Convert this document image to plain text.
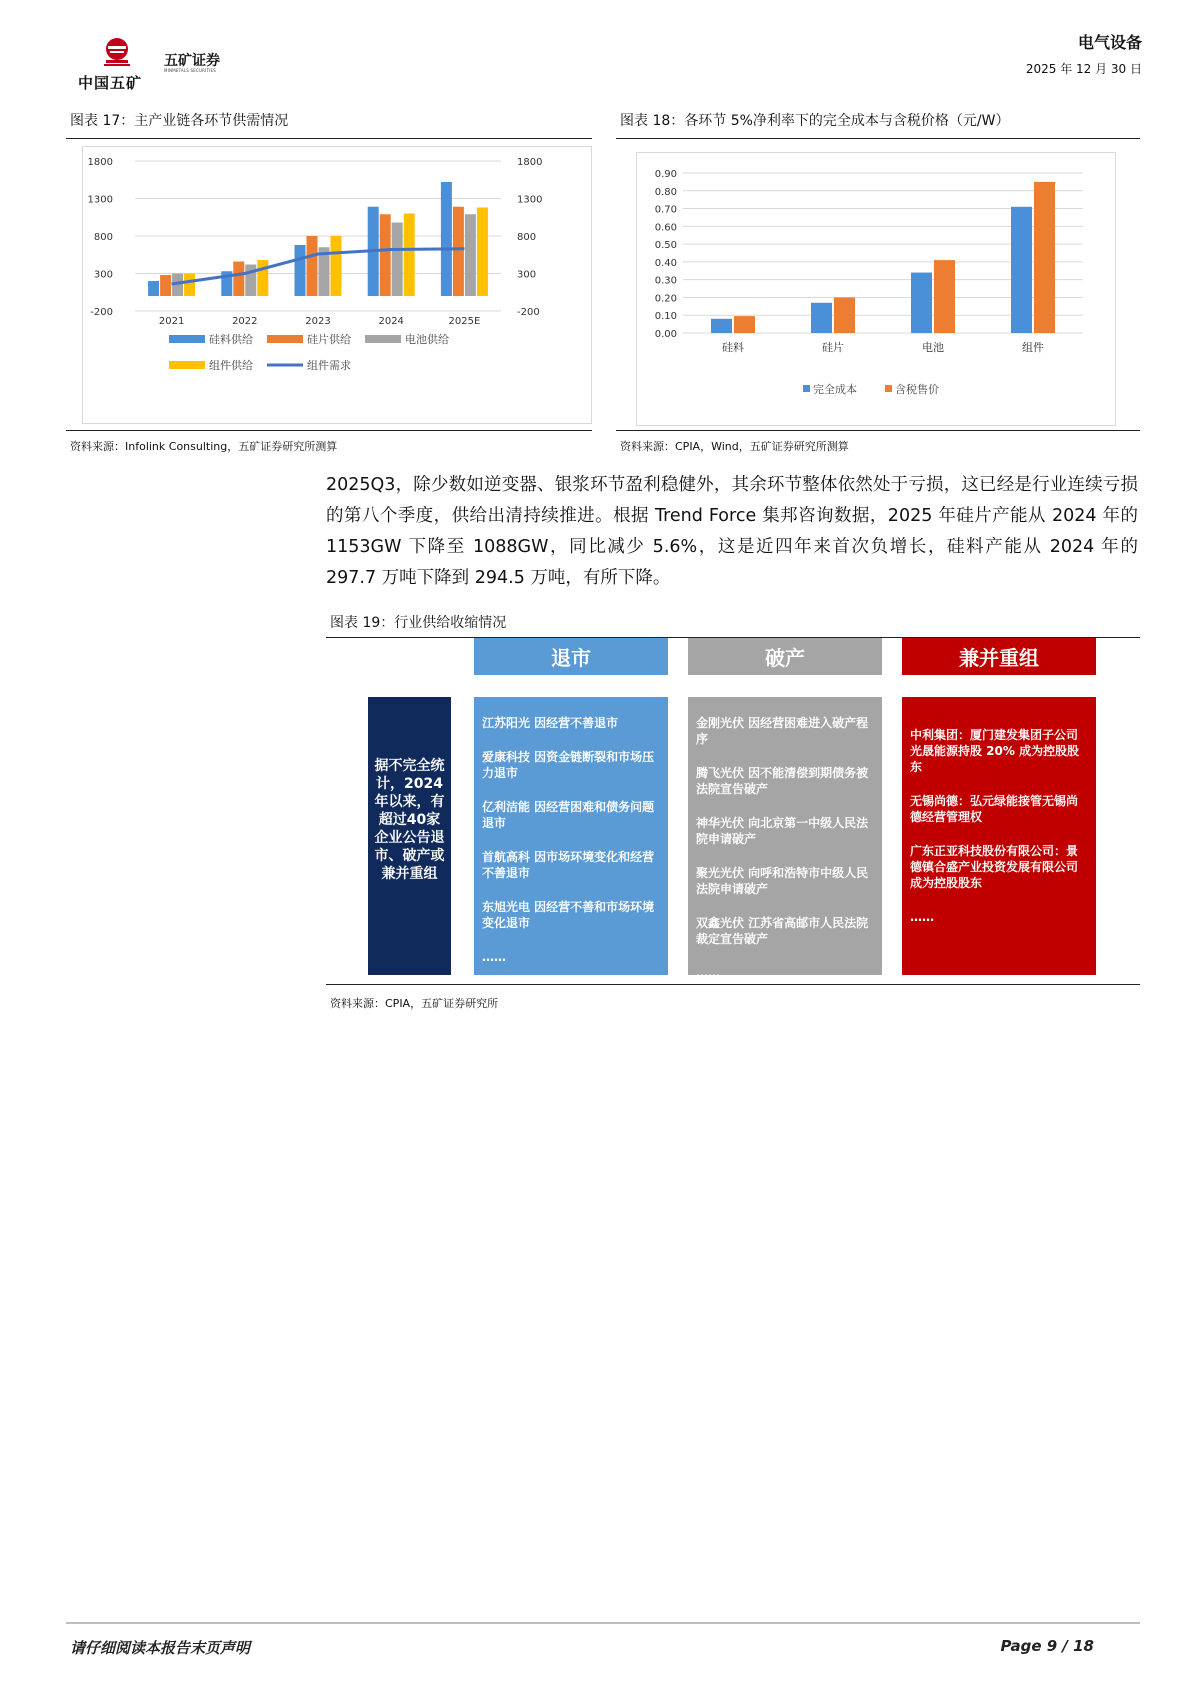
中国五矿
五矿证券
MINMETALS SECURITIES
电气设备
2025 年 12 月 30 日
图表 17：主产业链各环节供需情况
1800	1800
1300	1300
800	800
300	300
-200	-200
2021	2022	2023	2024	2025E
硅料供给	硅片供给	电池供给
组件供给	组件需求
资料来源：Infolink Consulting，五矿证券研究所测算
图表 18：各环节 5%净利率下的完全成本与含税价格（元/W）
0.90
0.80
0.70
0.60
0.50
0.40
0.30
0.20
0.10
0.00
硅料	硅片	电池	组件
完全成本	含税售价
资料来源：CPIA，Wind，五矿证券研究所测算
2025Q3，除少数如逆变器、银浆环节盈利稳健外，其余环节整体依然处于亏损，这已经是行业连续亏损的第八个季度，供给出清持续推进。根据 Trend Force 集邦咨询数据，2025 年硅片产能从 2024 年的 1153GW 下降至 1088GW，同比减少 5.6%，这是近四年来首次负增长，硅料产能从 2024 年的 297.7 万吨下降到 294.5 万吨，有所下降。
图表 19：行业供给收缩情况
退市	破产	兼并重组
据不完全统计，2024年以来，有超过40家企业公告退市、破产或兼并重组
江苏阳光 因经营不善退市
爱康科技 因资金链断裂和市场压力退市
亿利洁能 因经营困难和债务问题退市
首航高科 因市场环境变化和经营不善退市
东旭光电 因经营不善和市场环境变化退市
……
金刚光伏 因经营困难进入破产程序
腾飞光伏 因不能清偿到期债务被法院宣告破产
神华光伏 向北京第一中级人民法院申请破产
聚光光伏 向呼和浩特市中级人民法院申请破产
双鑫光伏 江苏省高邮市人民法院裁定宣告破产
……
中利集团：厦门建发集团子公司光晟能源持股 20% 成为控股股东
无锡尚德：弘元绿能接管无锡尚德经营管理权
广东正亚科技股份有限公司：景德镇合盛产业投资发展有限公司成为控股股东
……
资料来源：CPIA，五矿证券研究所
请仔细阅读本报告末页声明	Page 9 / 18
